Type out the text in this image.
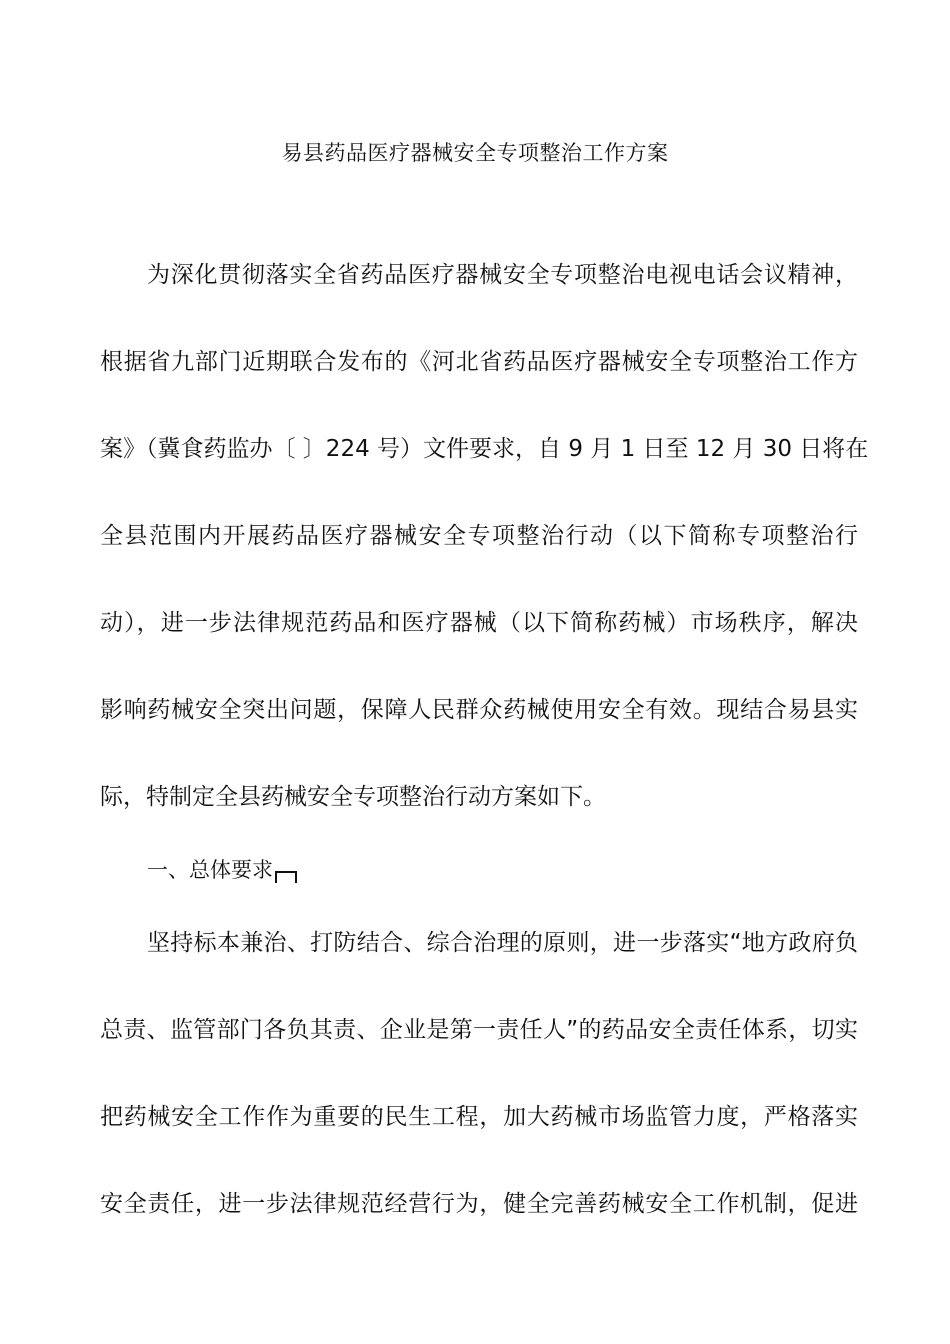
易县药品医疗器械安全专项整治工作方案
为深化贯彻落实全省药品医疗器械安全专项整治电视电话会议精神，
根据省九部门近期联合发布的《河北省药品医疗器械安全专项整治工作方
案》（冀食药监办〔 〕224 号）文件要求，自 9 月 1 日至 12 月 30 日将在
全县范围内开展药品医疗器械安全专项整治行动（以下简称专项整治行
动），进一步法律规范药品和医疗器械（以下简称药械）市场秩序，解决
影响药械安全突出问题，保障人民群众药械使用安全有效。现结合易县实
际，特制定全县药械安全专项整治行动方案如下。
一、总体要求
坚持标本兼治、打防结合、综合治理的原则，进一步落实“地方政府负
总责、监管部门各负其责、企业是第一责任人”的药品安全责任体系，切实
把药械安全工作作为重要的民生工程，加大药械市场监管力度，严格落实
安全责任，进一步法律规范经营行为，健全完善药械安全工作机制，促进
